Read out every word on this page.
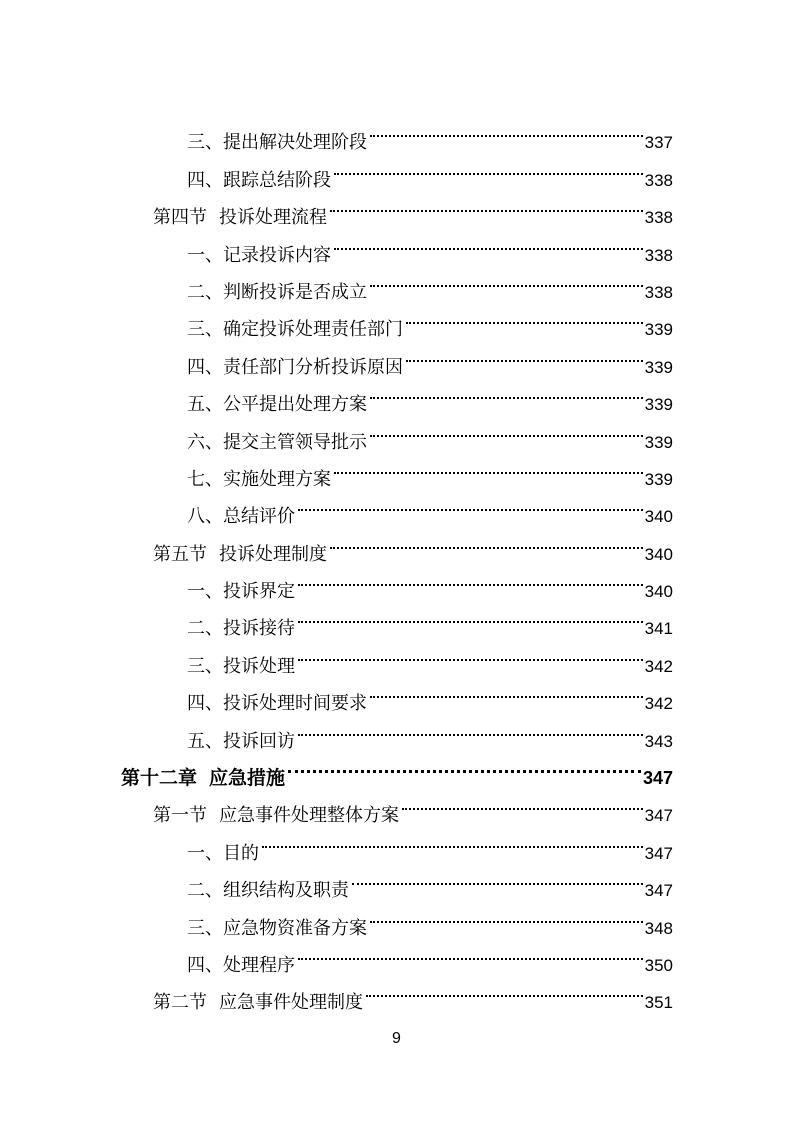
三、 提出解决处理阶段	337
四、 跟踪总结阶段	338
第四节 投诉处理流程	338
一、 记录投诉内容	338
二、 判断投诉是否成立	338
三、 确定投诉处理责任部门	339
四、 责任部门分析投诉原因	339
五、 公平提出处理方案	339
六、 提交主管领导批示	339
七、 实施处理方案	339
八、 总结评价	340
第五节 投诉处理制度	340
一、 投诉界定	340
二、 投诉接待	341
三、 投诉处理	342
四、 投诉处理时间要求	342
五、 投诉回访	343
第十二章 应急措施	347
第一节 应急事件处理整体方案	347
一、 目的	347
二、 组织结构及职责	347
三、 应急物资准备方案	348
四、 处理程序	350
第二节 应急事件处理制度	351
9
